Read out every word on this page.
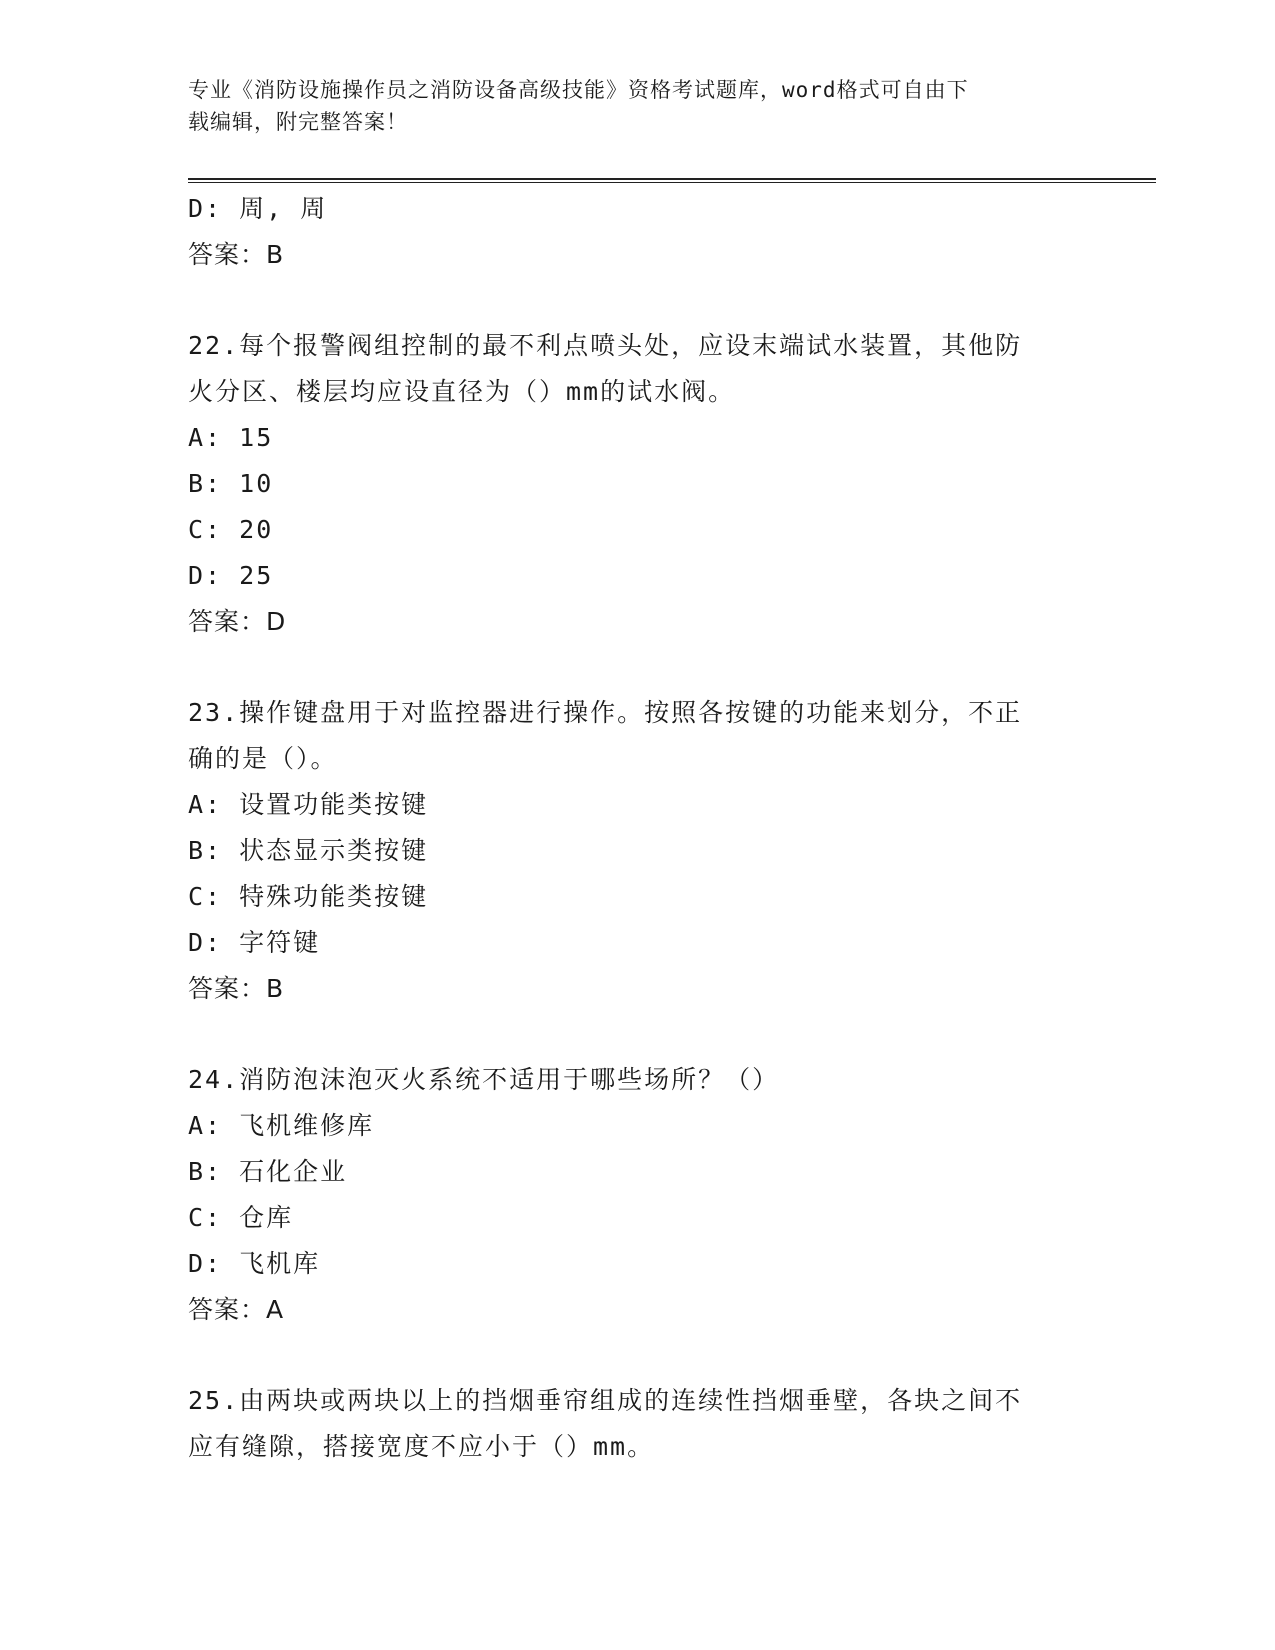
专业《消防设施操作员之消防设备高级技能》资格考试题库，word格式可自由下
载编辑，附完整答案！
D: 周, 周
答案：B
22.每个报警阀组控制的最不利点喷头处，应设末端试水装置，其他防
火分区、楼层均应设直径为（）mm的试水阀。
A: 15
B: 10
C: 20
D: 25
答案：D
23.操作键盘用于对监控器进行操作。按照各按键的功能来划分，不正
确的是（）。
A: 设置功能类按键
B: 状态显示类按键
C: 特殊功能类按键
D: 字符键
答案：B
24.消防泡沫泡灭火系统不适用于哪些场所？（）
A: 飞机维修库
B: 石化企业
C: 仓库
D: 飞机库
答案：A
25.由两块或两块以上的挡烟垂帘组成的连续性挡烟垂壁，各块之间不
应有缝隙，搭接宽度不应小于（）mm。
